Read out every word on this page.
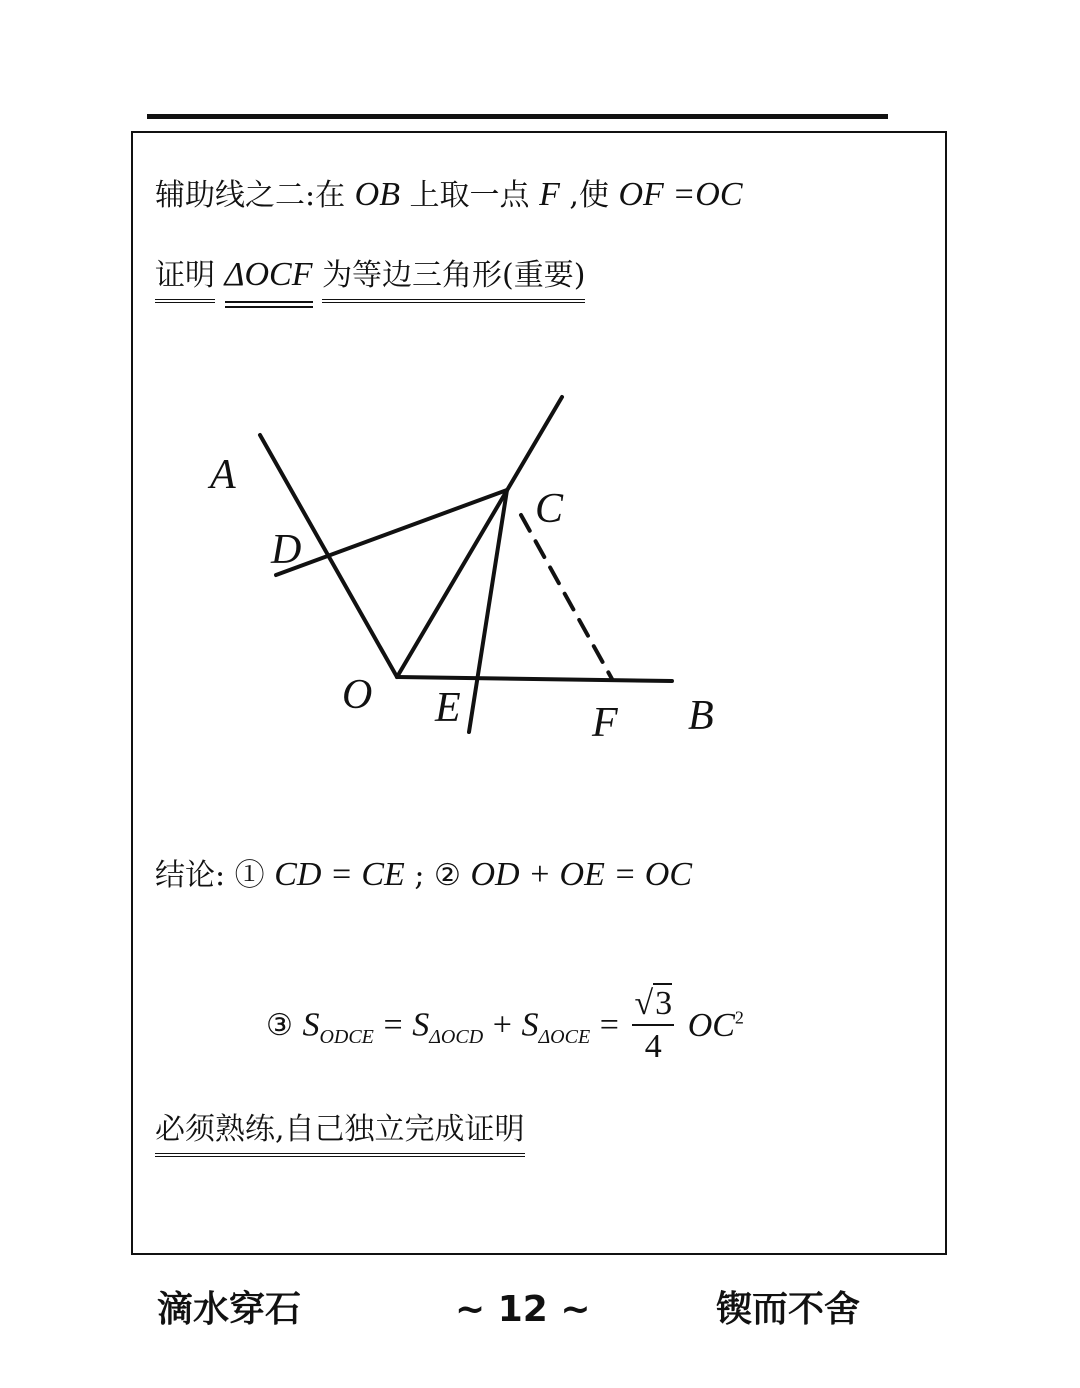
辅助线之二:在 OB 上取一点 F ,使 OF =OC
证明 ΔOCF 为等边三角形(重要)
A
C
D
O E	F B
结论: ① CD = CE ; ② OD + OE = OC
③ $S_{ODCE} = S_{\Delta OCD} + S_{\Delta OCE} = \frac{√3}{4} OC^2$
必须熟练,自己独立完成证明
滴水穿石	~ 12 ~	锲而不舍
